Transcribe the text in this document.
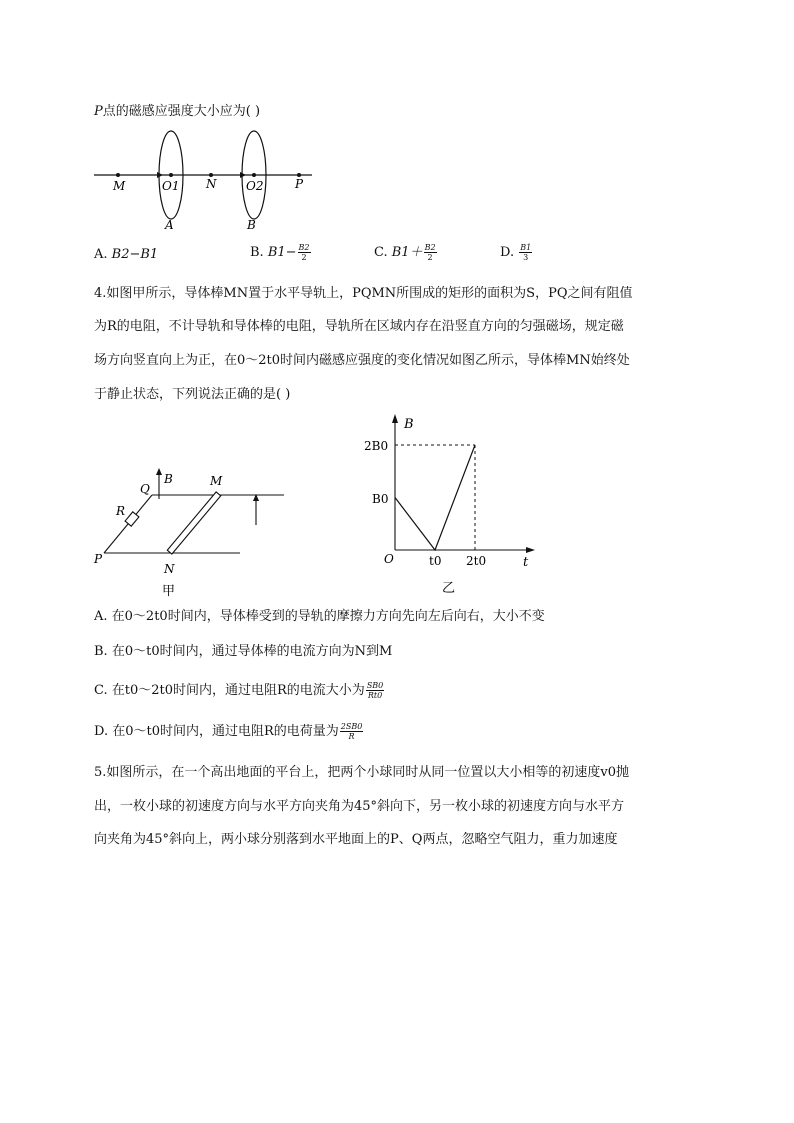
P点的磁感应强度大小应为( )
M	O1 N O2	P
A	B
A. B2−B1	B. $B1- \frac{B2}{2}$	C. $B1+ \frac{B2}{2}$	D. $\frac{B1}{3}$
4.如图甲所示，导体棒MN置于水平导轨上，PQMN所围成的矩形的面积为S，PQ之间有阻值
为R的电阻，不计导轨和导体棒的电阻，导轨所在区域内存在沿竖直方向的匀强磁场，规定磁
场方向竖直向上为正，在0～2t0时间内磁感应强度的变化情况如图乙所示，导体棒MN始终处
于静止状态，下列说法正确的是( )
Q
B	M
R
P
N
甲
B
t
O
2B0
B0
t0 2t0
乙
A. 在0～2t0时间内，导体棒受到的导轨的摩擦力方向先向左后向右，大小不变
B. 在0～t0时间内，通过导体棒的电流方向为N到M
C. 在t0～2t0时间内，通过电阻R的电流大小为 $\frac{SB0}{Rt0}$
D. 在0～t0时间内，通过电阻R的电荷量为 $\frac{2SB0}{R}$
5.如图所示，在一个高出地面的平台上，把两个小球同时从同一位置以大小相等的初速度v0抛
出，一枚小球的初速度方向与水平方向夹角为45°斜向下，另一枚小球的初速度方向与水平方
向夹角为45°斜向上，两小球分别落到水平地面上的P、Q两点，忽略空气阻力，重力加速度
